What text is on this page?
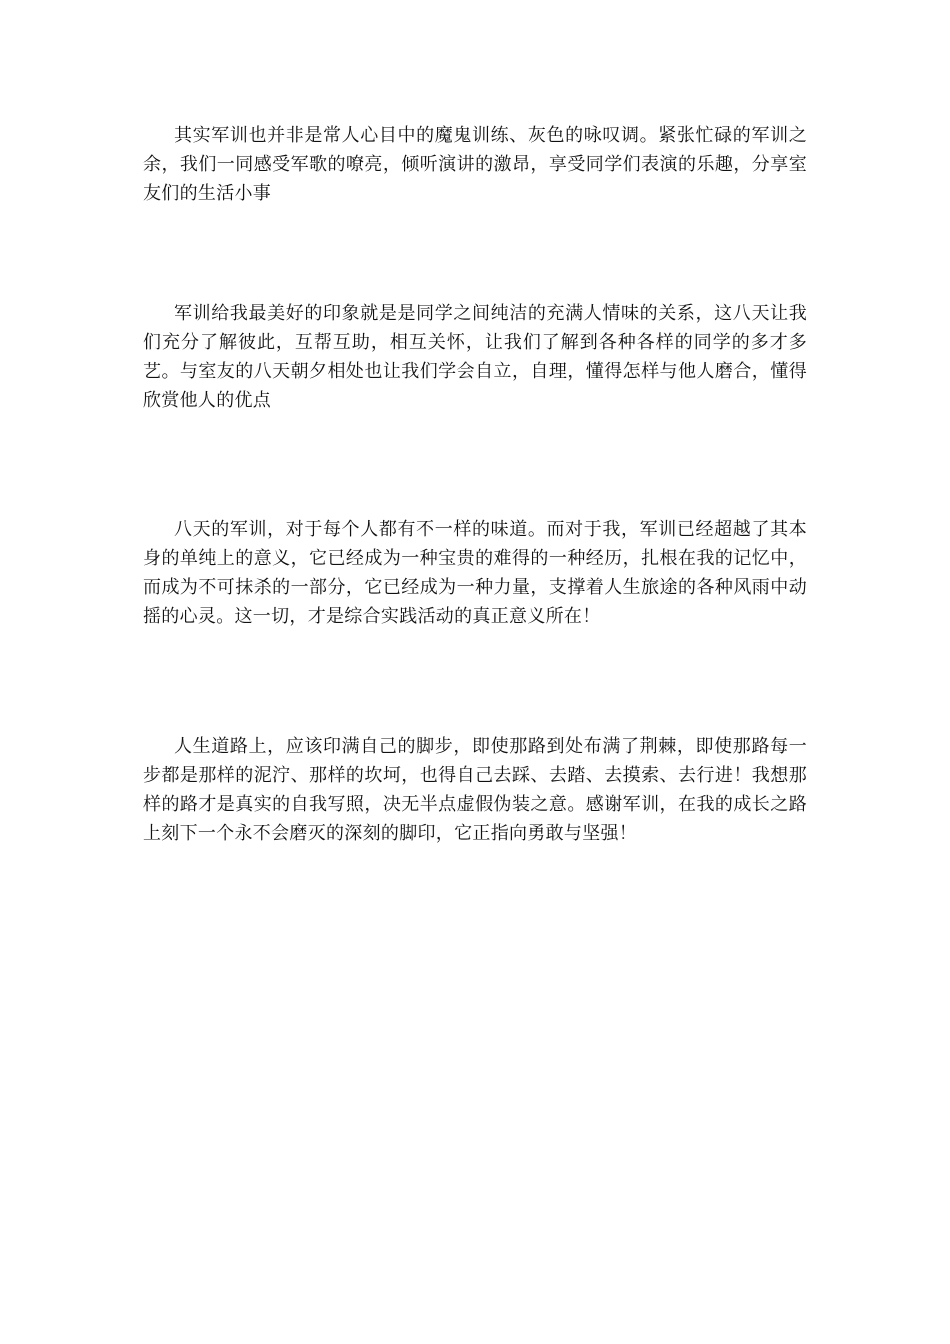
其实军训也并非是常人心目中的魔鬼训练、灰色的咏叹调。紧张忙碌的军训之余，我们一同感受军歌的嘹亮，倾听演讲的激昂，享受同学们表演的乐趣，分享室友们的生活小事

军训给我最美好的印象就是是同学之间纯洁的充满人情味的关系，这八天让我们充分了解彼此，互帮互助，相互关怀，让我们了解到各种各样的同学的多才多艺。与室友的八天朝夕相处也让我们学会自立，自理，懂得怎样与他人磨合，懂得欣赏他人的优点

八天的军训，对于每个人都有不一样的味道。而对于我，军训已经超越了其本身的单纯上的意义，它已经成为一种宝贵的难得的一种经历，扎根在我的记忆中，而成为不可抹杀的一部分，它已经成为一种力量，支撑着人生旅途的各种风雨中动摇的心灵。这一切，才是综合实践活动的真正意义所在！

人生道路上，应该印满自己的脚步，即使那路到处布满了荆棘，即使那路每一步都是那样的泥泞、那样的坎坷，也得自己去踩、去踏、去摸索、去行进！我想那样的路才是真实的自我写照，决无半点虚假伪装之意。感谢军训，在我的成长之路上刻下一个永不会磨灭的深刻的脚印，它正指向勇敢与坚强！
